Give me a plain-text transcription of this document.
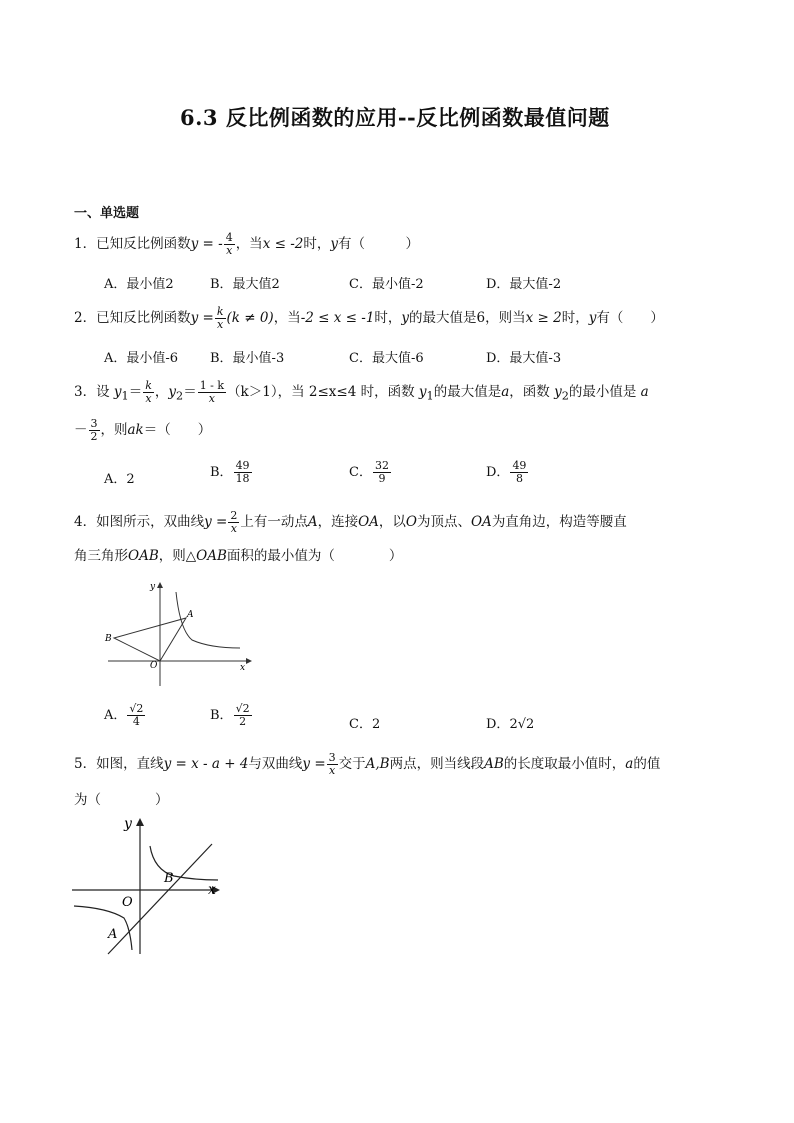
6.3 反比例函数的应用--反比例函数最值问题
一、单选题
1．已知反比例函数y = - $\frac{4}{x}$ ，当x ≤ -2时，y有（　　　）
A．最小值2	B．最大值2	C．最小值-2	D．最大值-2
2．已知反比例函数$y = \frac{k}{x} (k \ne 0)$，当-2 ≤ x ≤ -1时，y的最大值是6，则当x ≥ 2时，y有（　　）
A．最小值-6 B．最小值-3	C．最大值-6	D．最大值-3
3．设 $y_1= \frac{k}{x}$ ，$y_2= \frac{1 - k}{x} (k>1)$，当 2≤x≤4 时，函数 $y_1$的最大值是a，函数 $y_2$的最小值是 a
－ $\frac{3}{2}$ ，则ak＝（　　）
A．2	B． $\frac{49}{18}$	C． $\frac{32}{9}$	D． $\frac{49}{8}$
4．如图所示，双曲线$y = \frac{2}{x}$ 上有一动点A，连接OA，以O为顶点、OA为直角边，构造等腰直
角三角形OAB，则△OAB面积的最小值为（　　　　）
y
x
A
B
O
A． $\frac{√2}{4}$	B． $\frac{√2}{2}$	C．2	D．2√2
5．如图，直线y = x - a + 4与双曲线$y = \frac{3}{x}$ 交于A,B两点，则当线段AB的长度取最小值时，a的值
为（　　　　）
y
x
B
A
O
